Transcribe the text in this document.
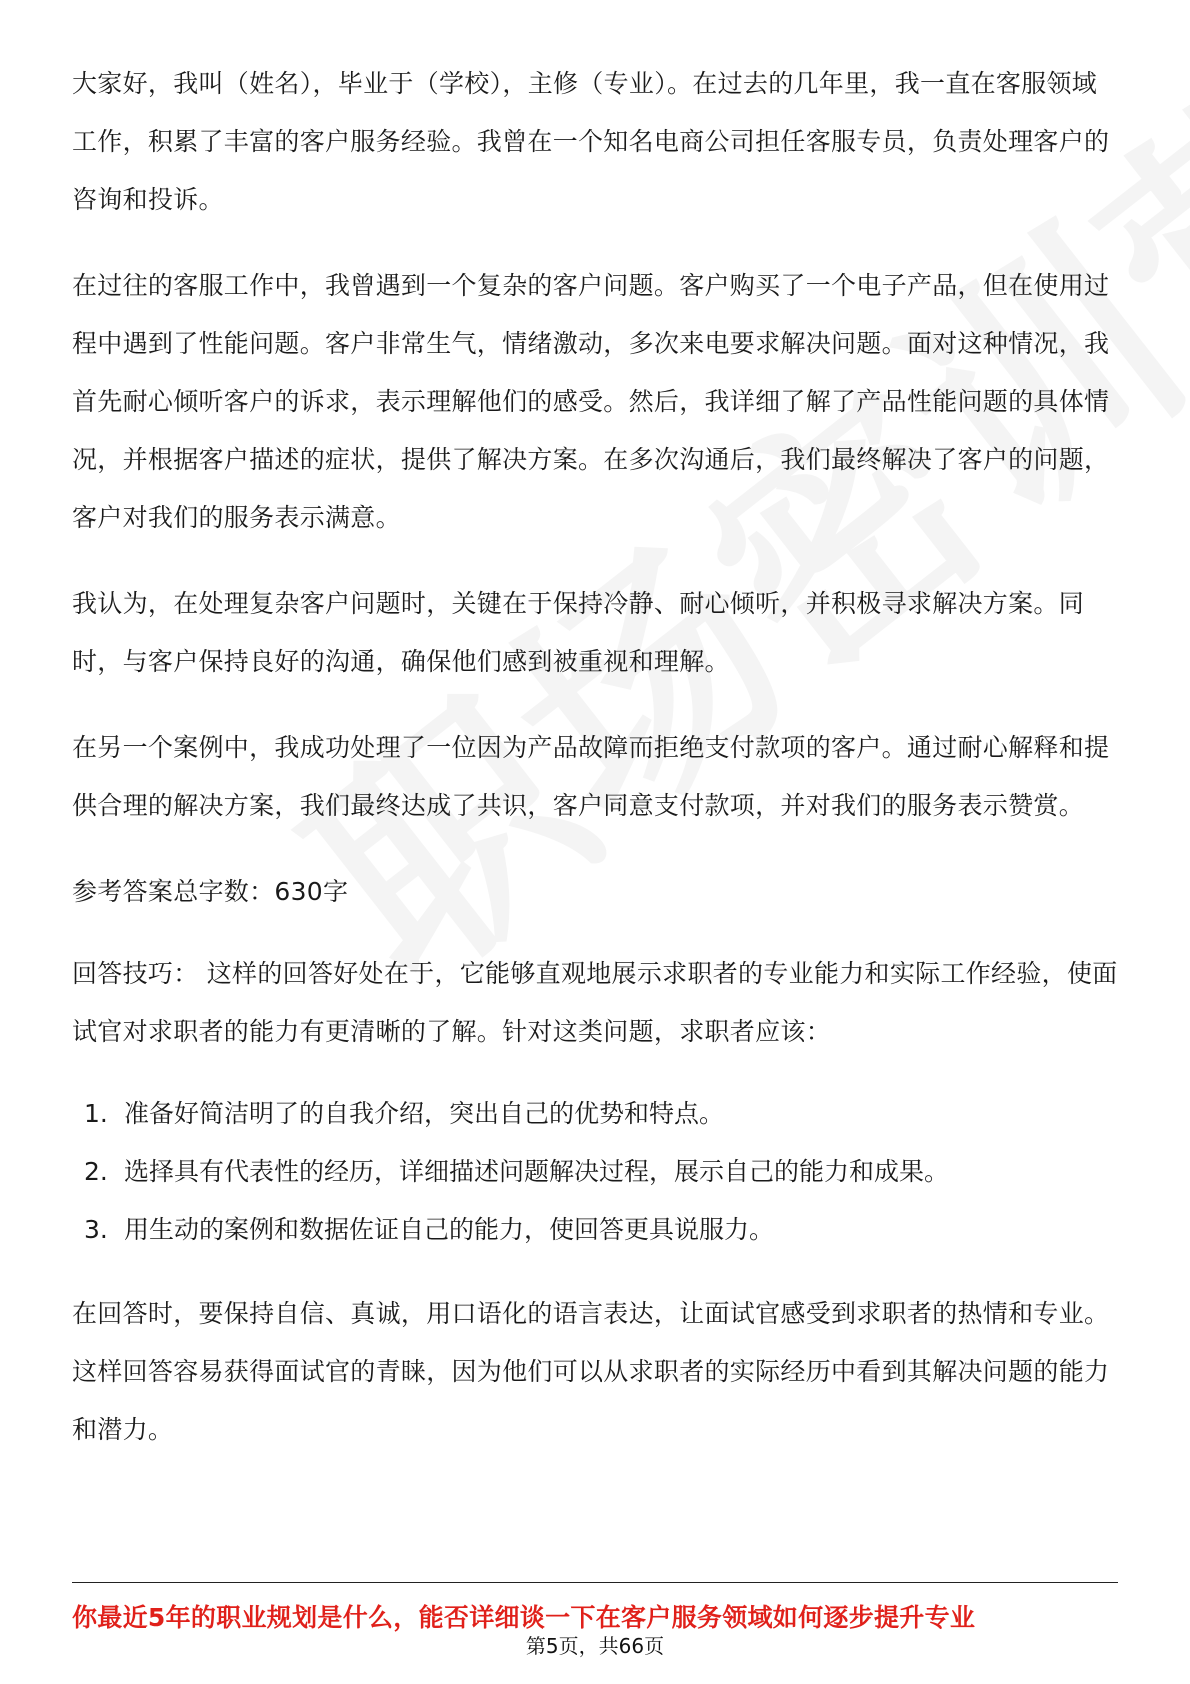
大家好，我叫（姓名），毕业于（学校），主修（专业）。在过去的几年里，我一直在客服领域工作，积累了丰富的客户服务经验。我曾在一个知名电商公司担任客服专员，负责处理客户的咨询和投诉。

在过往的客服工作中，我曾遇到一个复杂的客户问题。客户购买了一个电子产品，但在使用过程中遇到了性能问题。客户非常生气，情绪激动，多次来电要求解决问题。面对这种情况，我首先耐心倾听客户的诉求，表示理解他们的感受。然后，我详细了解了产品性能问题的具体情况，并根据客户描述的症状，提供了解决方案。在多次沟通后，我们最终解决了客户的问题，客户对我们的服务表示满意。

我认为，在处理复杂客户问题时，关键在于保持冷静、耐心倾听，并积极寻求解决方案。同时，与客户保持良好的沟通，确保他们感到被重视和理解。

在另一个案例中，我成功处理了一位因为产品故障而拒绝支付款项的客户。通过耐心解释和提供合理的解决方案，我们最终达成了共识，客户同意支付款项，并对我们的服务表示赞赏。

参考答案总字数：630字

回答技巧： 这样的回答好处在于，它能够直观地展示求职者的专业能力和实际工作经验，使面试官对求职者的能力有更清晰的了解。针对这类问题，求职者应该：

1. 准备好简洁明了的自我介绍，突出自己的优势和特点。
2. 选择具有代表性的经历，详细描述问题解决过程，展示自己的能力和成果。
3. 用生动的案例和数据佐证自己的能力，使回答更具说服力。

在回答时，要保持自信、真诚，用口语化的语言表达，让面试官感受到求职者的热情和专业。这样回答容易获得面试官的青睐，因为他们可以从求职者的实际经历中看到其解决问题的能力和潜力。

你最近5年的职业规划是什么，能否详细谈一下在客户服务领域如何逐步提升专业
第5页，共66页
